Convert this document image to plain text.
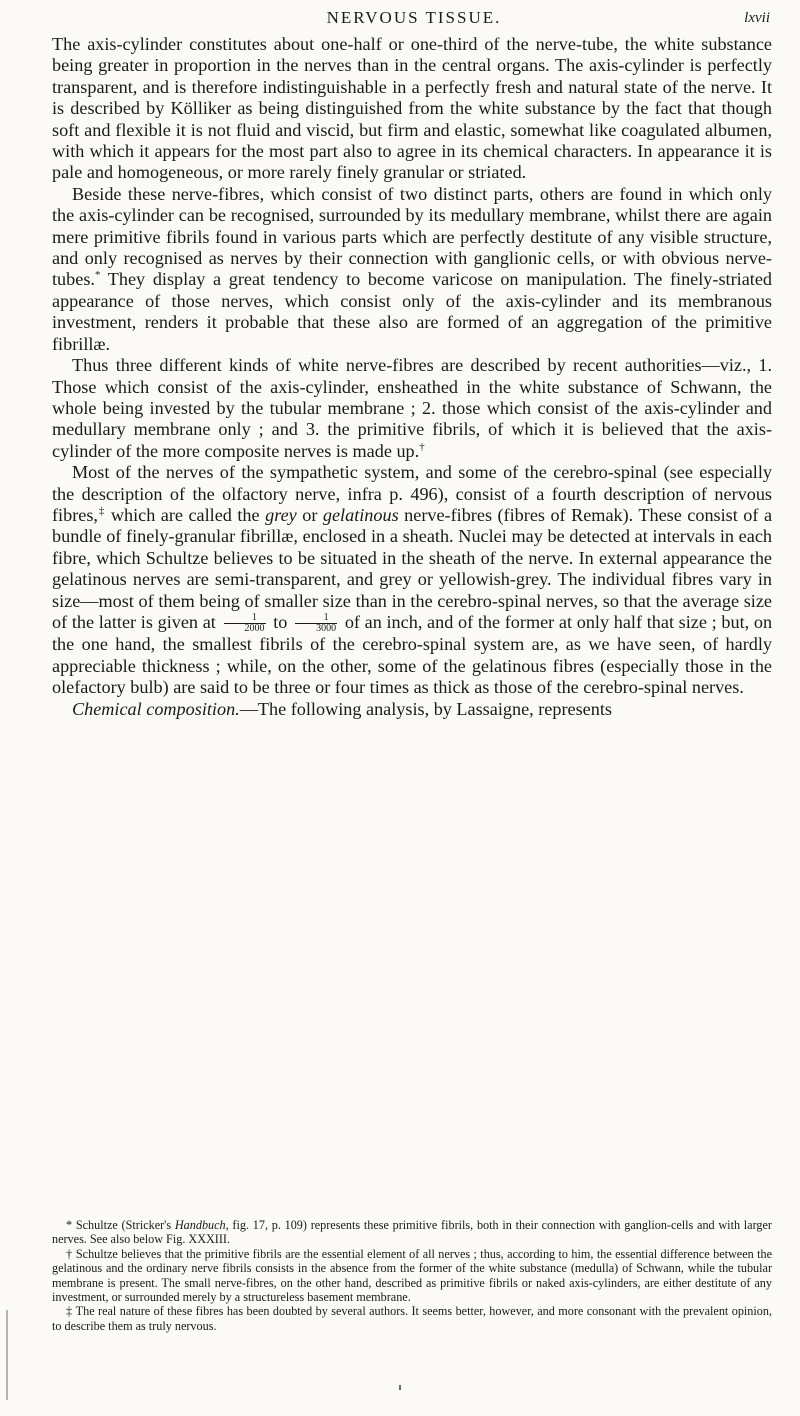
NERVOUS TISSUE.	lxvii

The axis-cylinder constitutes about one-half or one-third of the nerve-tube, the white substance being greater in proportion in the nerves than in the central organs. The axis-cylinder is perfectly transparent, and is therefore indistinguishable in a perfectly fresh and natural state of the nerve. It is described by Kölliker as being distinguished from the white substance by the fact that though soft and flexible it is not fluid and viscid, but firm and elastic, somewhat like coagulated albumen, with which it appears for the most part also to agree in its chemical characters. In appearance it is pale and homogeneous, or more rarely finely granular or striated.

Beside these nerve-fibres, which consist of two distinct parts, others are found in which only the axis-cylinder can be recognised, surrounded by its medullary membrane, whilst there are again mere primitive fibrils found in various parts which are perfectly destitute of any visible structure, and only recognised as nerves by their connection with ganglionic cells, or with obvious nerve-tubes.* They display a great tendency to become varicose on manipulation. The finely-striated appearance of those nerves, which consist only of the axis-cylinder and its membranous investment, renders it probable that these also are formed of an aggregation of the primitive fibrillæ.

Thus three different kinds of white nerve-fibres are described by recent authorities—viz., 1. Those which consist of the axis-cylinder, ensheathed in the white substance of Schwann, the whole being invested by the tubular membrane ; 2. those which consist of the axis-cylinder and medullary membrane only ; and 3. the primitive fibrils, of which it is believed that the axis-cylinder of the more composite nerves is made up.†

Most of the nerves of the sympathetic system, and some of the cerebro-spinal (see especially the description of the olfactory nerve, infra p. 496), consist of a fourth description of nervous fibres,‡ which are called the grey or gelatinous nerve-fibres (fibres of Remak). These consist of a bundle of finely-granular fibrillæ, enclosed in a sheath. Nuclei may be detected at intervals in each fibre, which Schultze believes to be situated in the sheath of the nerve. In external appearance the gelatinous nerves are semi-transparent, and grey or yellowish-grey. The individual fibres vary in size—most of them being of smaller size than in the cerebro-spinal nerves, so that the average size of the latter is given at $\frac{1}{2000}$ to $\frac{1}{3000}$ of an inch, and of the former at only half that size ; but, on the one hand, the smallest fibrils of the cerebro-spinal system are, as we have seen, of hardly appreciable thickness ; while, on the other, some of the gelatinous fibres (especially those in the olefactory bulb) are said to be three or four times as thick as those of the cerebro-spinal nerves.

Chemical composition.—The following analysis, by Lassaigne, represents

* Schultze (Stricker's Handbuch, fig. 17, p. 109) represents these primitive fibrils, both in their connection with ganglion-cells and with larger nerves. See also below Fig. XXXIII.

† Schultze believes that the primitive fibrils are the essential element of all nerves ; thus, according to him, the essential difference between the gelatinous and the ordinary nerve fibrils consists in the absence from the former of the white substance (medulla) of Schwann, while the tubular membrane is present. The small nerve-fibres, on the other hand, described as primitive fibrils or naked axis-cylinders, are either destitute of any investment, or surrounded merely by a structureless basement membrane.

‡ The real nature of these fibres has been doubted by several authors. It seems better, however, and more consonant with the prevalent opinion, to describe them as truly nervous.
